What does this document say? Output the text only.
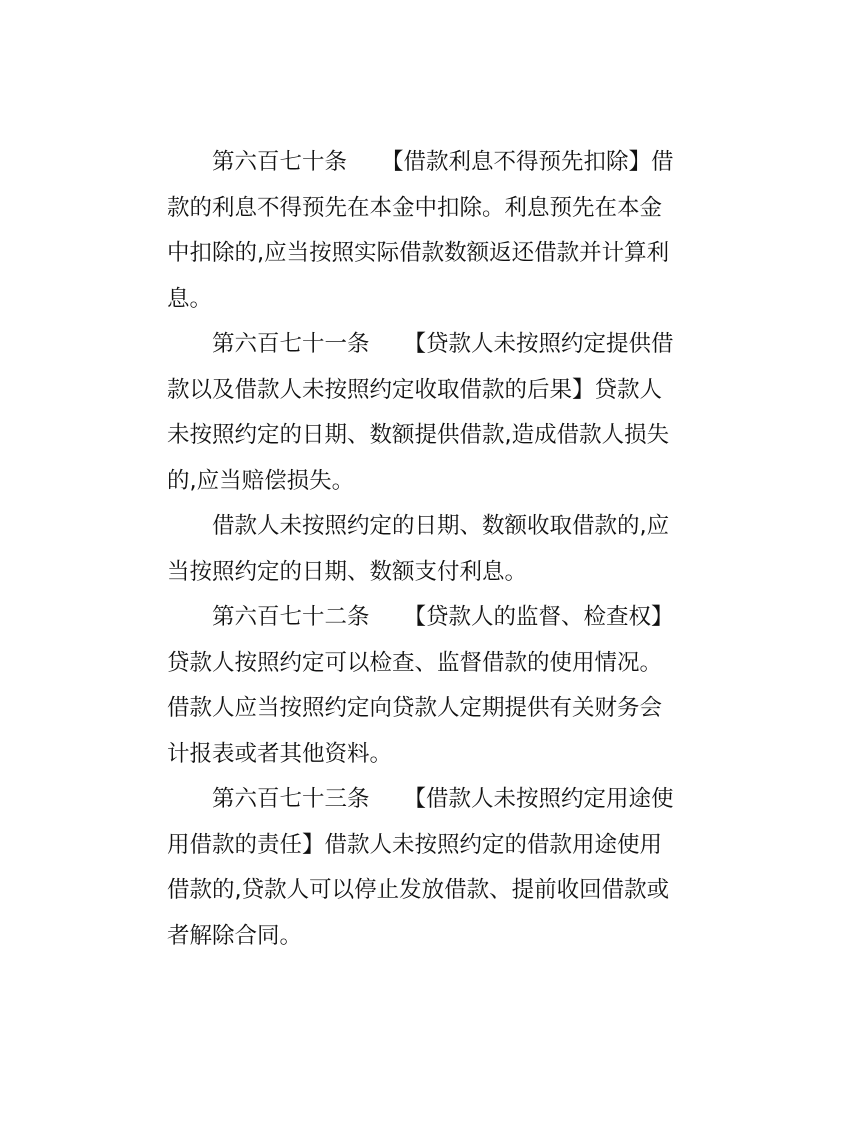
第六百七十条 【借款利息不得预先扣除】借
款的利息不得预先在本金中扣除。利息预先在本金
中扣除的,应当按照实际借款数额返还借款并计算利
息。
第六百七十一条 【贷款人未按照约定提供借
款以及借款人未按照约定收取借款的后果】贷款人
未按照约定的日期、数额提供借款,造成借款人损失
的,应当赔偿损失。
借款人未按照约定的日期、数额收取借款的,应
当按照约定的日期、数额支付利息。
第六百七十二条 【贷款人的监督、检查权】
贷款人按照约定可以检查、监督借款的使用情况。
借款人应当按照约定向贷款人定期提供有关财务会
计报表或者其他资料。
第六百七十三条 【借款人未按照约定用途使
用借款的责任】借款人未按照约定的借款用途使用
借款的,贷款人可以停止发放借款、提前收回借款或
者解除合同。
